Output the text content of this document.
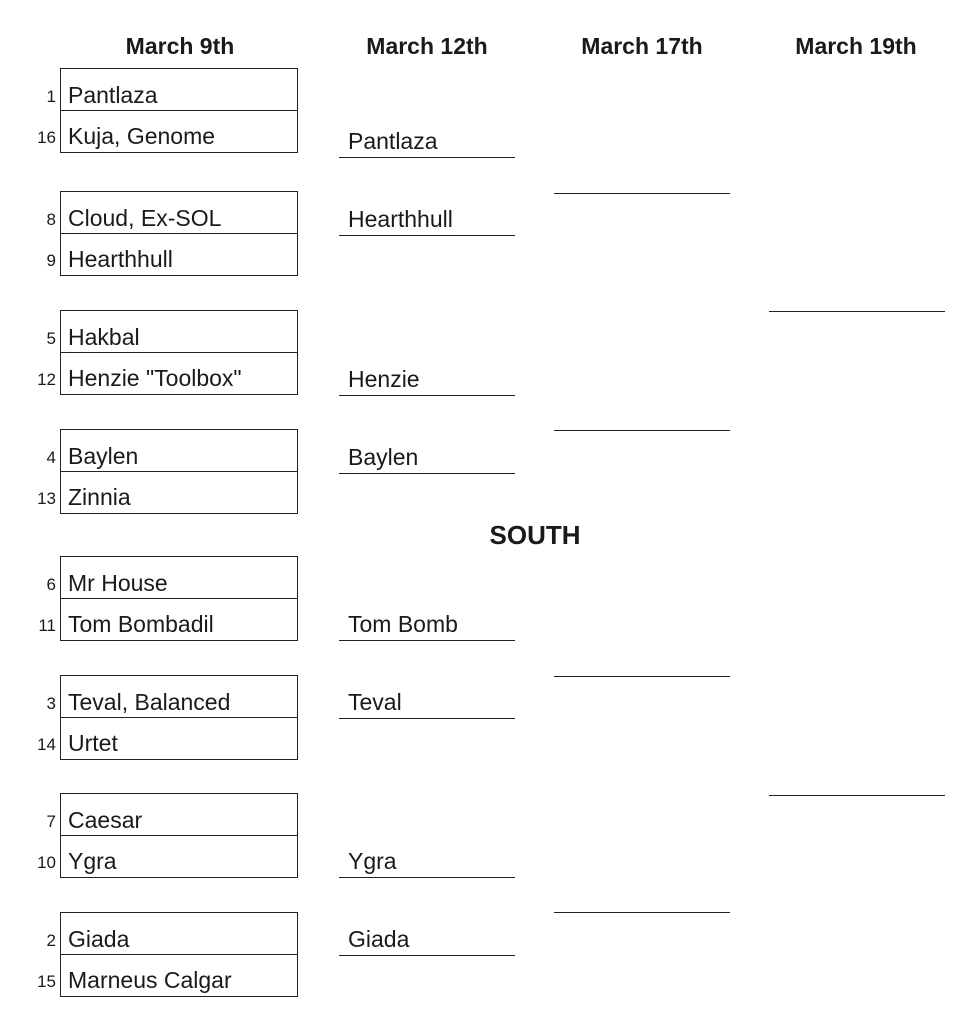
March 9th	March 12th	March 17th	March 19th
1 Pantlaza
16 Kuja, Genome
8 Cloud, Ex-SOL
9 Hearthhull
5 Hakbal
12 Henzie "Toolbox"
4 Baylen
13 Zinnia
6 Mr House
11 Tom Bombadil
3 Teval, Balanced
14 Urtet
7 Caesar
10 Ygra
2 Giada
15 Marneus Calgar
Pantlaza
Hearthhull
Henzie
Baylen
Tom Bomb
Teval
Ygra
Giada
SOUTH
